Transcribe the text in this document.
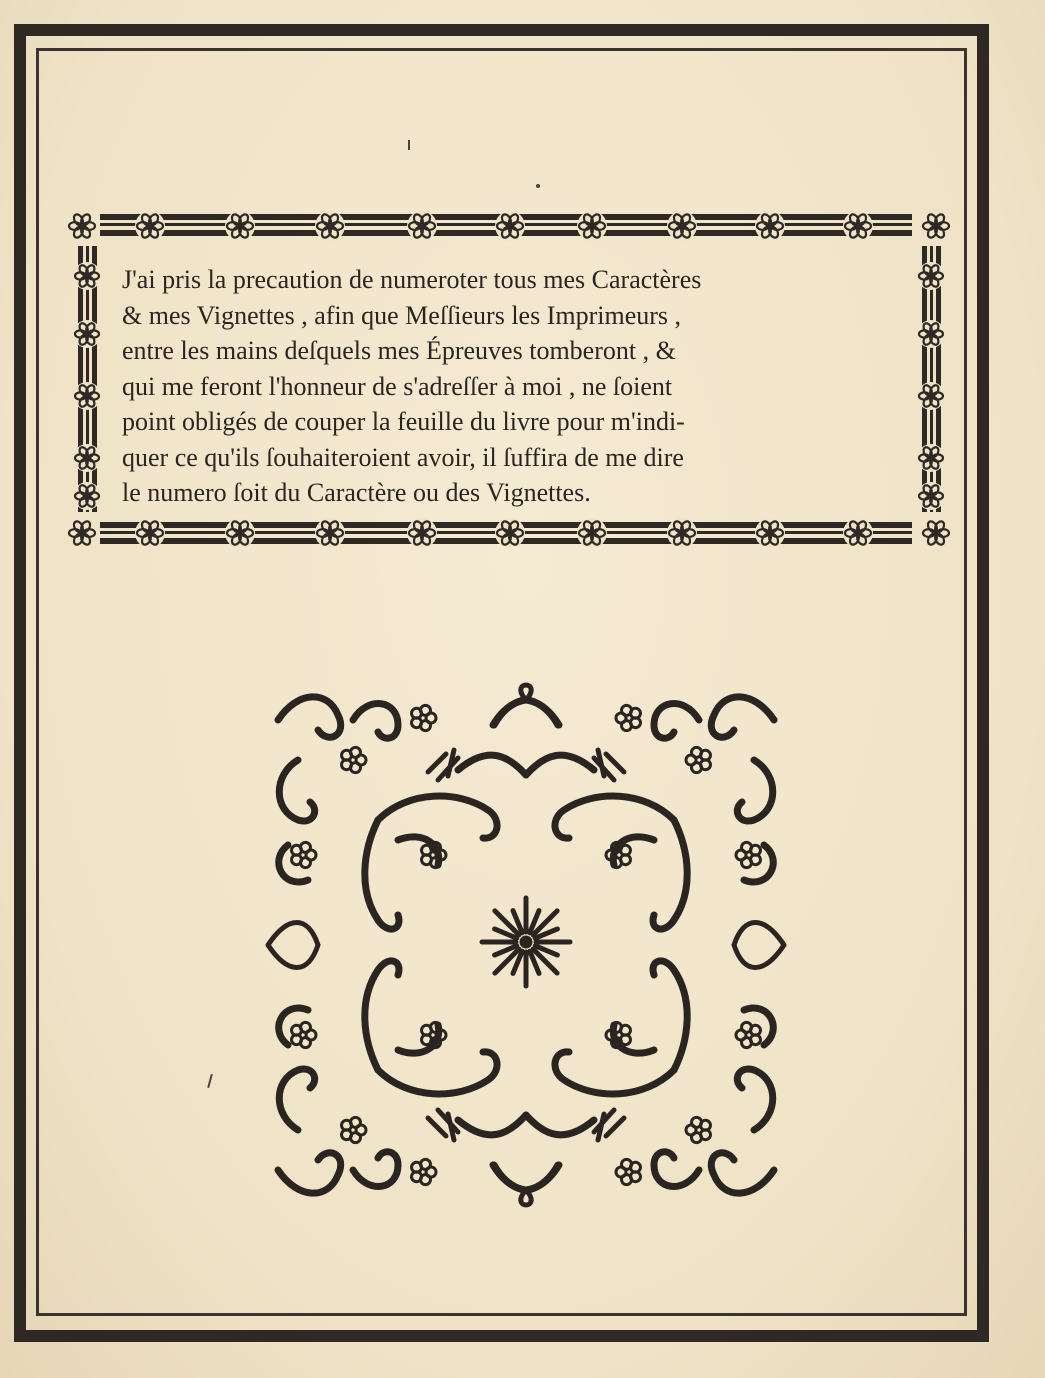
J'ai pris la precaution de numeroter tous mes Caractères
& mes Vignettes , afin que Meſſieurs les Imprimeurs ,
entre les mains deſquels mes Épreuves tomberont , &
qui me feront l'honneur de s'adreſſer à moi , ne ſoient
point obligés de couper la feuille du livre pour m'indi-
quer ce qu'ils ſouhaiteroient avoir, il ſuffira de me dire
le numero ſoit du Caractère ou des Vignettes.
